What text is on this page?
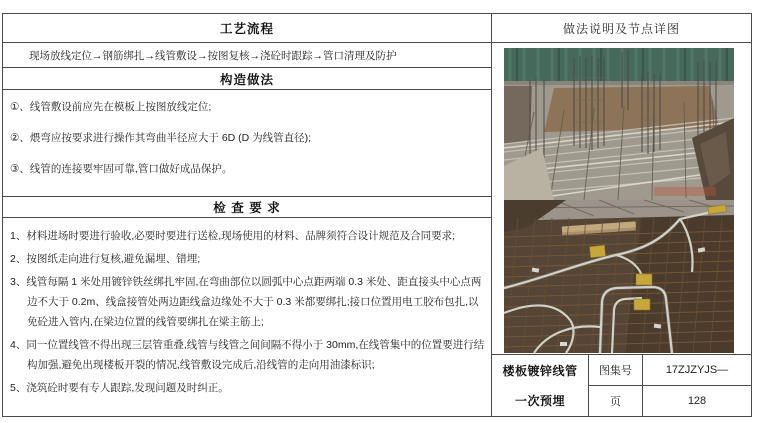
工艺流程
现场放线定位→钢筋绑扎→线管敷设→按图复核→浇砼时跟踪→管口清理及防护
构造做法

①、线管敷设前应先在模板上按图放线定位;

②、煨弯应按要求进行操作其弯曲半径应大于 6D (D 为线管直径);

③、线管的连接要牢固可靠,管口做好成品保护。

检 查 要 求

1、材料进场时要进行验收,必要时要进行送检,现场使用的材料、品牌须符合设计规范及合同要求;

2、按图纸走向进行复核,避免漏埋、错埋;

3、线管每隔 1 米处用镀锌铁丝绑扎牢固,在弯曲部位以圆弧中心点距两端 0.3 米处、距直接头中心点两边不大于 0.2m、线盒接管处两边距线盒边缘处不大于 0.3 米都要绑扎;接口位置用电工胶布包扎,以免砼进入管内,在梁边位置的线管要绑扎在梁主筋上;

4、同一位置线管不得出现三层管重叠,线管与线管之间间隔不得小于 30mm,在线管集中的位置要进行结构加强,避免出现楼板开裂的情况,线管敷设完成后,沿线管的走向用油漆标识;

5、浇筑砼时要有专人跟踪,发现问题及时纠正。

做法说明及节点详图
楼板镀锌线管
一次预埋
图集号	17ZJZYJS—
页	128
